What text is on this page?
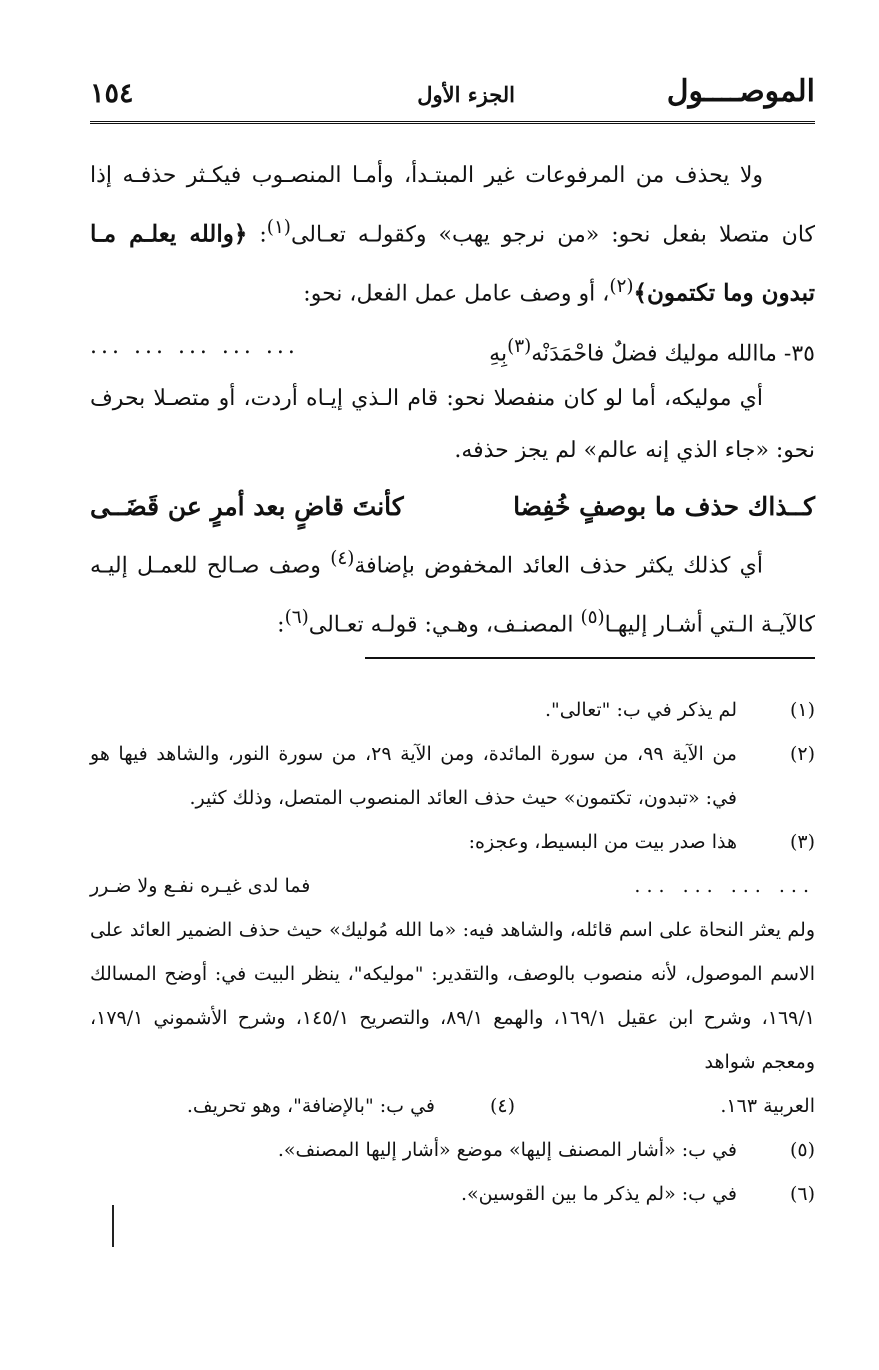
الموصــــول
الجزء الأول
١٥٤

ولا يحذف من المرفوعات غير المبتـدأ، وأمـا المنصـوب فيكـثر حذفـه إذا كان متصلا بفعل نحو: «من نرجو يهب» وكقولـه تعـالى$^{(١)}$: ﴿والله يعلـم مـا تبدون وما تكتمون﴾$^{(٢)}$، أو وصف عامل عمل الفعل، نحو:

٣٥- ماالله موليك فضلٌ فاحْمَدَنْه$^{(٣)}$بِهِ
... ... ... ... ...

أي موليكه، أما لو كان منفصلا نحو: قام الـذي إيـاه أردت، أو متصـلا بحرف نحو: «جاء الذي إنه عالم» لم يجز حذفه.

كــذاك حذف ما بوصفٍ خُفِضا
كأنتَ قاضٍ بعد أمرٍ عن قَضَــى

أي كذلك يكثر حذف العائد المخفوض بإضافة$^{(٤)}$ وصف صـالح للعمـل إليـه كالآيـة الـتي أشـار إليهـا$^{(٥)}$ المصنـف، وهـي: قولـه تعـالى$^{(٦)}$:

(١)
لم يذكر في ب: "تعالى".

(٢)
من الآية ٩٩، من سورة المائدة، ومن الآية ٢٩، من سورة النور، والشاهد فيها هو في: «تبدون، تكتمون» حيث حذف العائد المنصوب المتصل، وذلك كثير.

(٣)
هذا صدر بيت من البسيط، وعجزه:

... ... ... ...
فما لدى غيـره نفـع ولا ضـرر

ولم يعثر النحاة على اسم قائله، والشاهد فيه: «ما الله مُوليك» حيث حذف الضمير العائد على الاسم الموصول، لأنه منصوب بالوصف، والتقدير: "موليكه"، ينظر البيت في: أوضح المسالك ١٦٩/١، وشرح ابن عقيل ١٦٩/١، والهمع ٨٩/١، والتصريح ١٤٥/١، وشرح الأشموني ١٧٩/١، ومعجم شواهد

العربية ١٦٣.
(٤)
في ب: "بالإضافة"، وهو تحريف.

(٥)
في ب: «أشار المصنف إليها» موضع «أشار إليها المصنف».

(٦)
في ب: «لم يذكر ما بين القوسين».
